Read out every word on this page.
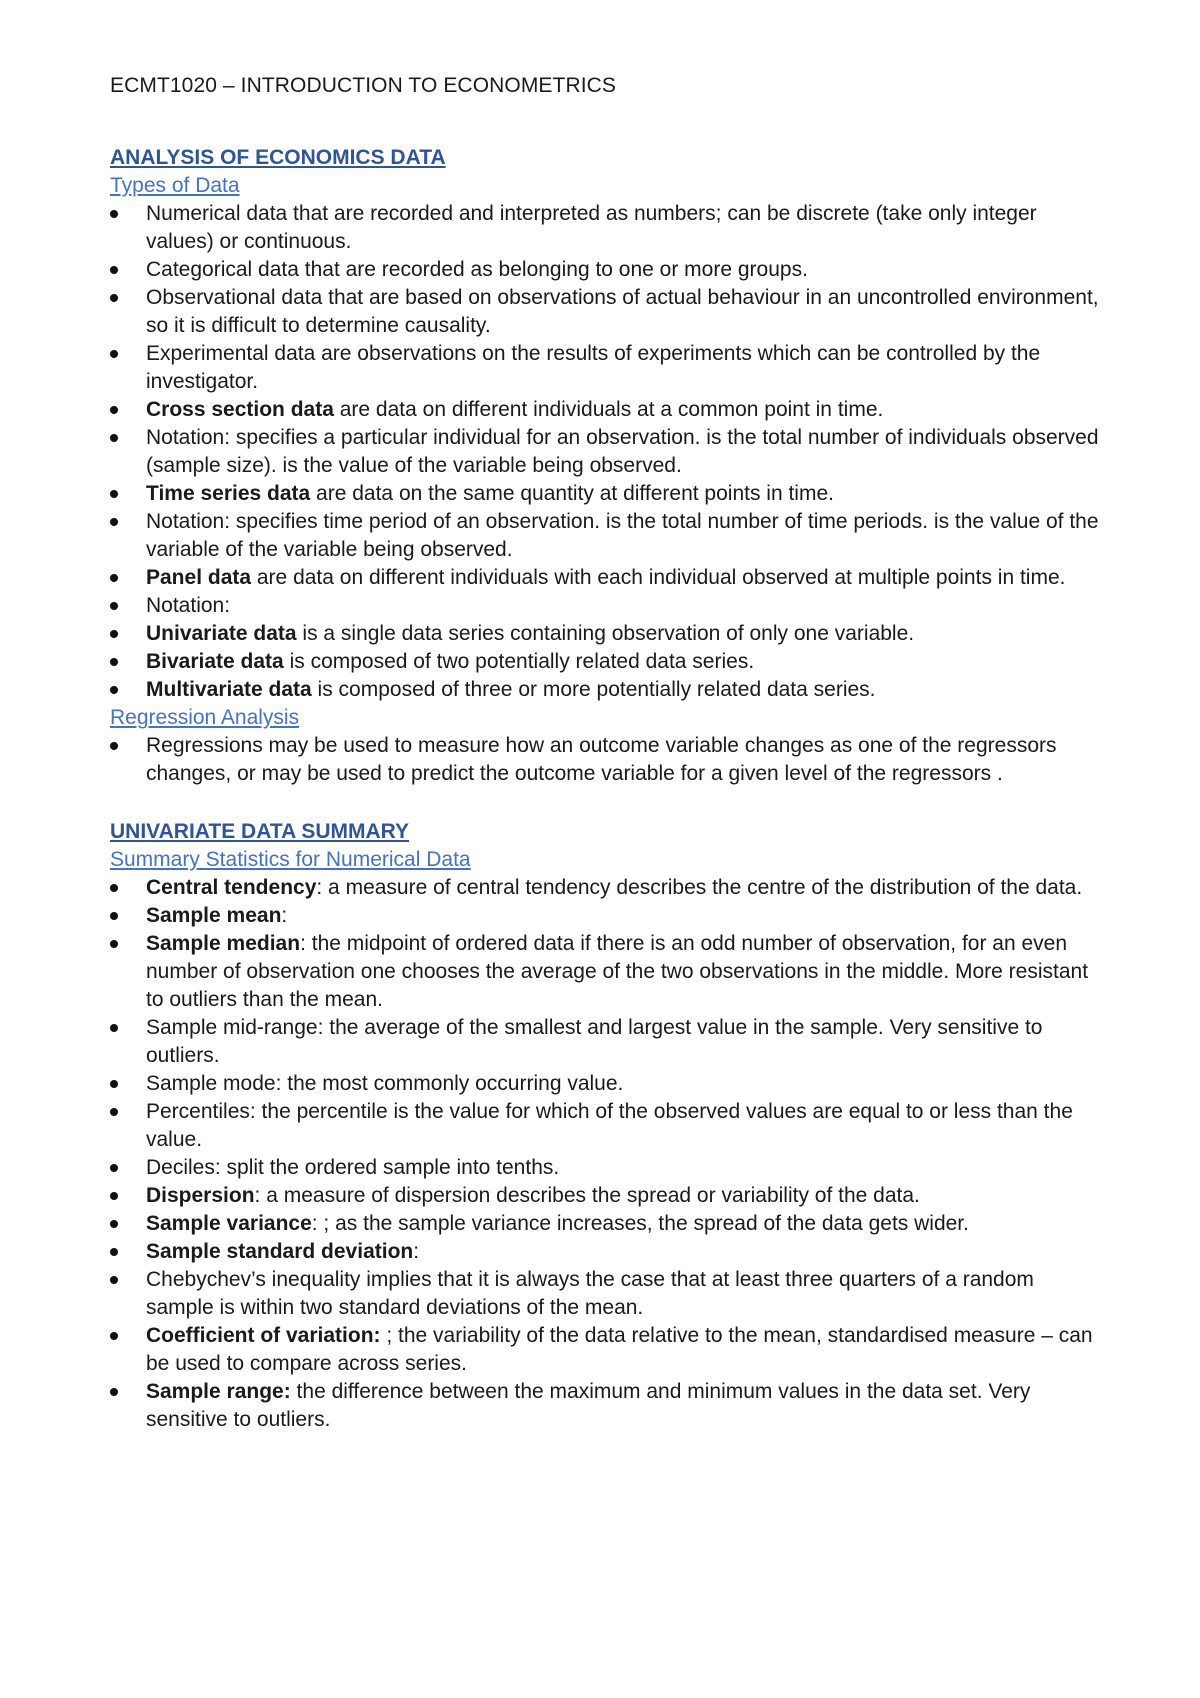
ECMT1020 – INTRODUCTION TO ECONOMETRICS
ANALYSIS OF ECONOMICS DATA
Types of Data
Numerical data that are recorded and interpreted as numbers; can be discrete (take only integer values) or continuous.
Categorical data that are recorded as belonging to one or more groups.
Observational data that are based on observations of actual behaviour in an uncontrolled environment, so it is difficult to determine causality.
Experimental data are observations on the results of experiments which can be controlled by the investigator.
Cross section data are data on different individuals at a common point in time.
Notation: specifies a particular individual for an observation. is the total number of individuals observed (sample size). is the value of the variable being observed.
Time series data are data on the same quantity at different points in time.
Notation: specifies time period of an observation. is the total number of time periods. is the value of the variable of the variable being observed.
Panel data are data on different individuals with each individual observed at multiple points in time.
Notation:
Univariate data is a single data series containing observation of only one variable.
Bivariate data is composed of two potentially related data series.
Multivariate data is composed of three or more potentially related data series.
Regression Analysis
Regressions may be used to measure how an outcome variable changes as one of the regressors changes, or may be used to predict the outcome variable for a given level of the regressors .
UNIVARIATE DATA SUMMARY
Summary Statistics for Numerical Data
Central tendency: a measure of central tendency describes the centre of the distribution of the data.
Sample mean:
Sample median: the midpoint of ordered data if there is an odd number of observation, for an even number of observation one chooses the average of the two observations in the middle. More resistant to outliers than the mean.
Sample mid-range: the average of the smallest and largest value in the sample. Very sensitive to outliers.
Sample mode: the most commonly occurring value.
Percentiles: the percentile is the value for which of the observed values are equal to or less than the value.
Deciles: split the ordered sample into tenths.
Dispersion: a measure of dispersion describes the spread or variability of the data.
Sample variance: ; as the sample variance increases, the spread of the data gets wider.
Sample standard deviation:
Chebychev’s inequality implies that it is always the case that at least three quarters of a random sample is within two standard deviations of the mean.
Coefficient of variation: ; the variability of the data relative to the mean, standardised measure – can be used to compare across series.
Sample range: the difference between the maximum and minimum values in the data set. Very sensitive to outliers.
